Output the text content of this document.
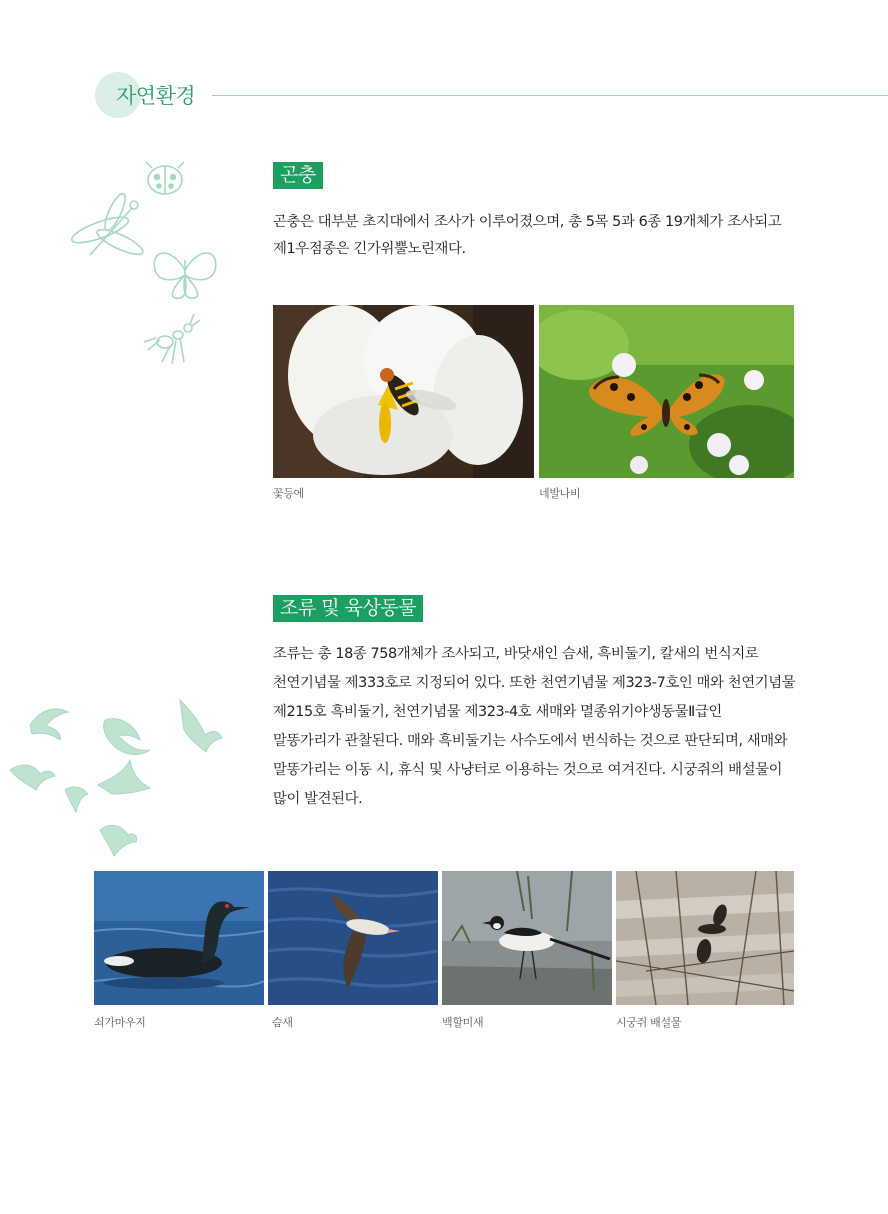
자연환경
곤충
곤충은 대부분 초지대에서 조사가 이루어졌으며, 총 5목 5과 6종 19개체가 조사되고
제1우점종은 긴가위뿔노린재다.
꽃등에	네발나비
조류 및 육상동물
조류는 총 18종 758개체가 조사되고, 바닷새인 슴새, 흑비둘기, 칼새의 번식지로
천연기념물 제333호로 지정되어 있다. 또한 천연기념물 제323-7호인 매와 천연기념물
제215호 흑비둘기, 천연기념물 제323-4호 새매와 멸종위기야생동물Ⅱ급인
말똥가리가 관찰된다. 매와 흑비둘기는 사수도에서 번식하는 것으로 판단되며, 새매와
말똥가리는 이동 시, 휴식 및 사냥터로 이용하는 것으로 여겨진다. 시궁쥐의 배설물이
많이 발견된다.
쇠가마우지	슴새	백할미새	시궁쥐 배설물
